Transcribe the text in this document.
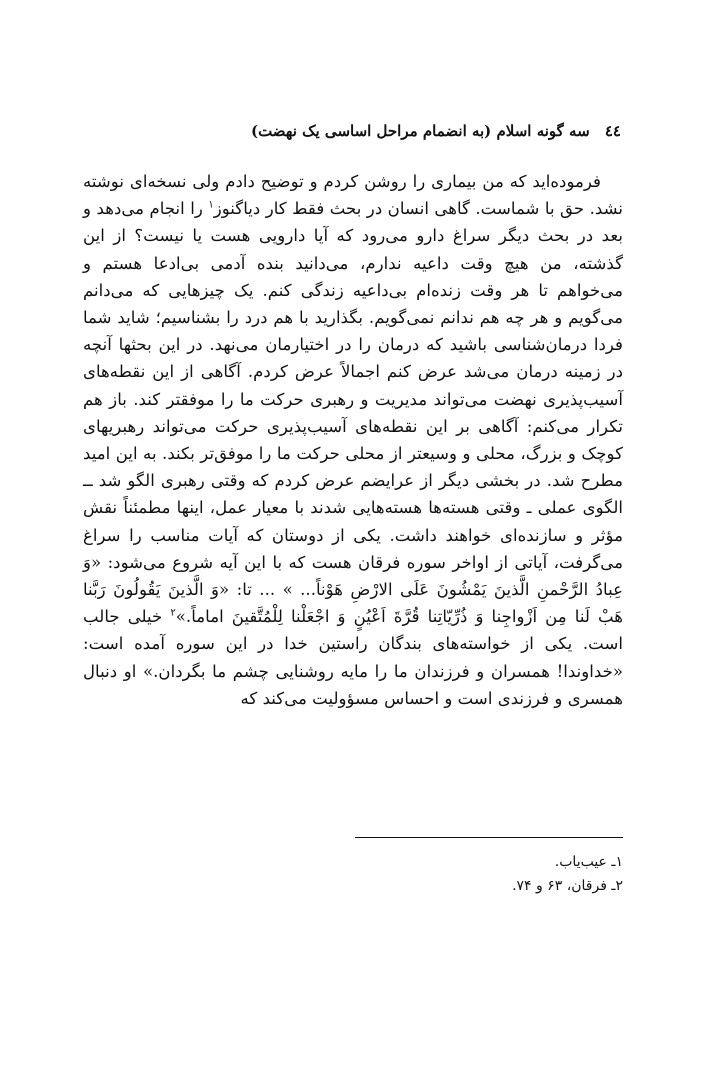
٤٤ سه گونه اسلام (به انضمام مراحل اساسی یک نهضت)

فرموده‌اید که من بیماری را روشن کردم و توضیح دادم ولی نسخه‌ای نوشته نشد. حق با شماست. گاهی انسان در بحث فقط کار دیاگنوز$^۱$ را انجام می‌دهد و بعد در بحث دیگر سراغ دارو می‌رود که آیا دارویی هست یا نیست؟ از این گذشته، من هیچ وقت داعیه ندارم، می‌دانید بنده آدمی بی‌ادعا هستم و می‌خواهم تا هر وقت زنده‌ام بی‌داعیه زندگی کنم. یک چیزهایی که می‌دانم می‌گویم و هر چه هم ندانم نمی‌گویم. بگذارید با هم درد را بشناسیم؛ شاید شما فردا درمان‌شناسی باشید که درمان را در اختیارمان می‌نهد. در این بحثها آنچه در زمینه درمان می‌شد عرض کنم اجمالاً عرض کردم. آگاهی از این نقطه‌های آسیب‌پذیری نهضت می‌تواند مدیریت و رهبری حرکت ما را موفقتر کند. باز هم تکرار می‌کنم: آگاهی بر این نقطه‌های آسیب‌پذیری حرکت می‌تواند رهبریهای کوچک و بزرگ، محلی و وسیعتر از محلی حرکت ما را موفق‌تر بکند. به این امید مطرح شد. در بخشی دیگر از عرایضم عرض کردم که وقتی رهبری الگو شد ــ الگوی عملی ـ وقتی هسته‌ها هسته‌هایی شدند با معیار عمل، اینها مطمئناً نقش مؤثر و سازنده‌ای خواهند داشت. یکی از دوستان که آیات مناسب را سراغ می‌گرفت، آیاتی از اواخر سوره فرقان هست که با این آیه شروع می‌شود: «وَ عِبادُ الرَّحْمنِ الَّذینَ یَمْشُونَ عَلَی الارْضِ هَوْناً... » ... تا: «وَ الَّذینَ یَقُولُونَ رَبَّنا هَبْ لَنا مِن اَزْواجِنا وَ ذُرِّیّاتِنا قُرَّةَ اَعْیُنٍ وَ اجْعَلْنا لِلْمُتَّقینَ اماماً.»$^۲$ خیلی جالب است. یکی از خواسته‌های بندگان راستین خدا در این سوره آمده است: «خداوندا! همسران و فرزندان ما را مایه روشنایی چشم ما بگردان.» او دنبال همسری و فرزندی است و احساس مسؤولیت می‌کند که

۱ـ عیب‌یاب.
۲ـ فرقان، ۶۳ و ۷۴.
